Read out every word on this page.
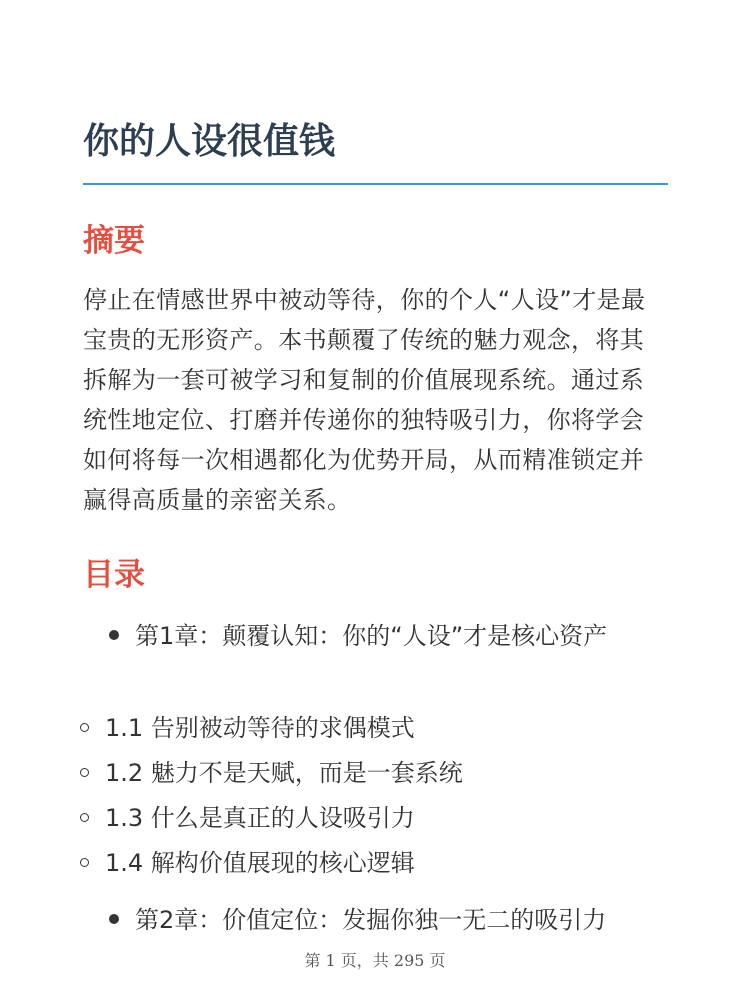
你的人设很值钱
摘要

停止在情感世界中被动等待，你的个人“人设”才是最宝贵的无形资产。本书颠覆了传统的魅力观念，将其拆解为一套可被学习和复制的价值展现系统。通过系统性地定位、打磨并传递你的独特吸引力，你将学会如何将每一次相遇都化为优势开局，从而精准锁定并赢得高质量的亲密关系。

目录
第1章：颠覆认知：你的“人设”才是核心资产
第2章：价值定位：发掘你独一无二的吸引力
1.1 告别被动等待的求偶模式
1.2 魅力不是天赋，而是一套系统
1.3 什么是真正的人设吸引力
1.4 解构价值展现的核心逻辑
第 1 页，共 295 页
